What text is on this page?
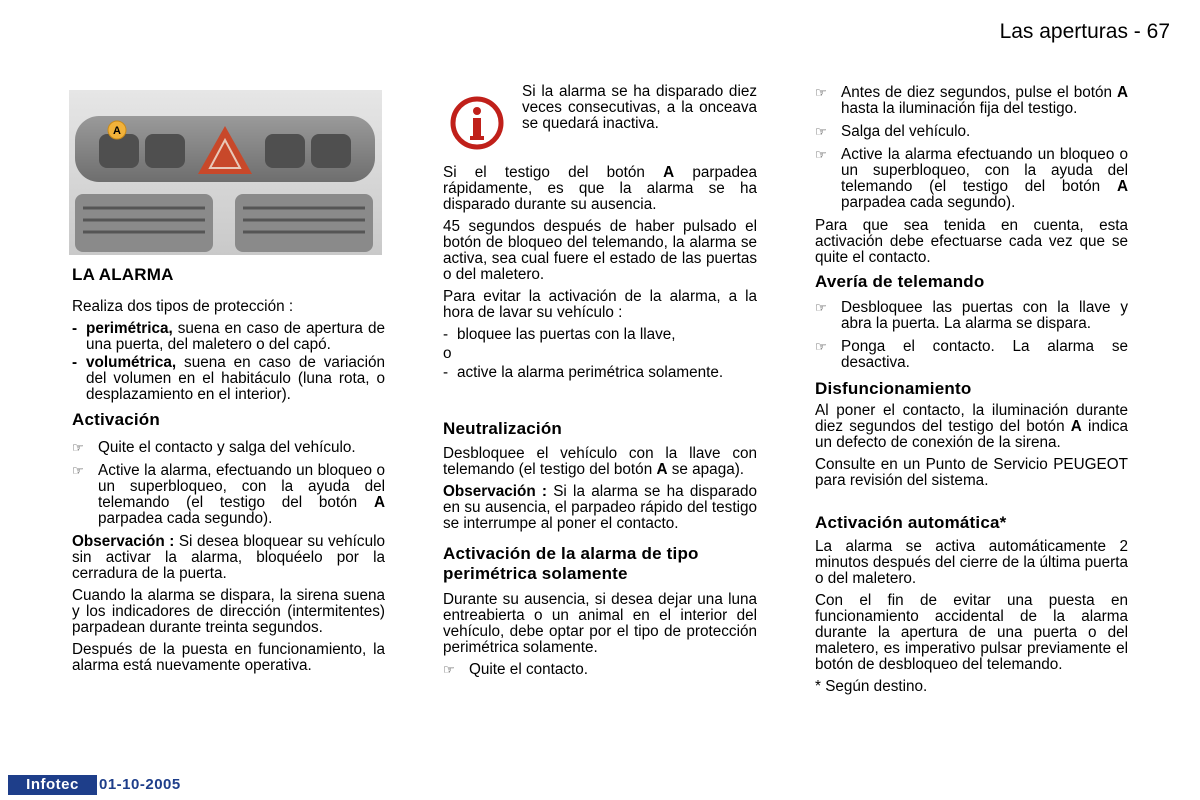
Las aperturas - 67
A
LA ALARMA

Realiza dos tipos de protección :

- perimétrica, suena en caso de apertura de una puerta, del maletero o del capó.
- volumétrica, suena en caso de variación del volumen en el habitáculo (luna rota, o desplazamiento en el interior).
Activación
☞ Quite el contacto y salga del vehículo.
☞ Active la alarma, efectuando un bloqueo o un superbloqueo, con la ayuda del telemando (el testigo del botón A parpadea cada segundo).

Observación : Si desea bloquear su vehículo sin activar la alarma, bloquéelo por la cerradura de la puerta.

Cuando la alarma se dispara, la sirena suena y los indicadores de dirección (intermitentes) parpadean durante treinta segundos.

Después de la puesta en funcionamiento, la alarma está nuevamente operativa.

Si la alarma se ha disparado diez veces consecutivas, a la onceava se quedará inactiva.

Si el testigo del botón A parpadea rápidamente, es que la alarma se ha disparado durante su ausencia.

45 segundos después de haber pulsado el botón de bloqueo del telemando, la alarma se activa, sea cual fuere el estado de las puertas o del maletero.

Para evitar la activación de la alarma, a la hora de lavar su vehículo :

- bloquee las puertas con la llave,

o

- active la alarma perimétrica solamente.
Neutralización

Desbloquee el vehículo con la llave con telemando (el testigo del botón A se apaga).

Observación : Si la alarma se ha disparado en su ausencia, el parpadeo rápido del testigo se interrumpe al poner el contacto.

Activación de la alarma de tipo perimétrica solamente

Durante su ausencia, si desea dejar una luna entreabierta o un animal en el interior del vehículo, debe optar por el tipo de protección perimétrica solamente.

☞ Quite el contacto.
☞ Antes de diez segundos, pulse el botón A hasta la iluminación fija del testigo.
☞ Salga del vehículo.
☞ Active la alarma efectuando un bloqueo o un superbloqueo, con la ayuda del telemando (el testigo del botón A parpadea cada segundo).

Para que sea tenida en cuenta, esta activación debe efectuarse cada vez que se quite el contacto.

Avería de telemando
☞ Desbloquee las puertas con la llave y abra la puerta. La alarma se dispara.
☞ Ponga el contacto. La alarma se desactiva.
Disfuncionamiento

Al poner el contacto, la iluminación durante diez segundos del testigo del botón A indica un defecto de conexión de la sirena.

Consulte en un Punto de Servicio PEUGEOT para revisión del sistema.

Activación automática*

La alarma se activa automáticamente 2 minutos después del cierre de la última puerta o del maletero.

Con el fin de evitar una puesta en funcionamiento accidental de la alarma durante la apertura de una puerta o del maletero, es imperativo pulsar previamente el botón de desbloqueo del telemando.

* Según destino.

Infotec	01-10-2005
